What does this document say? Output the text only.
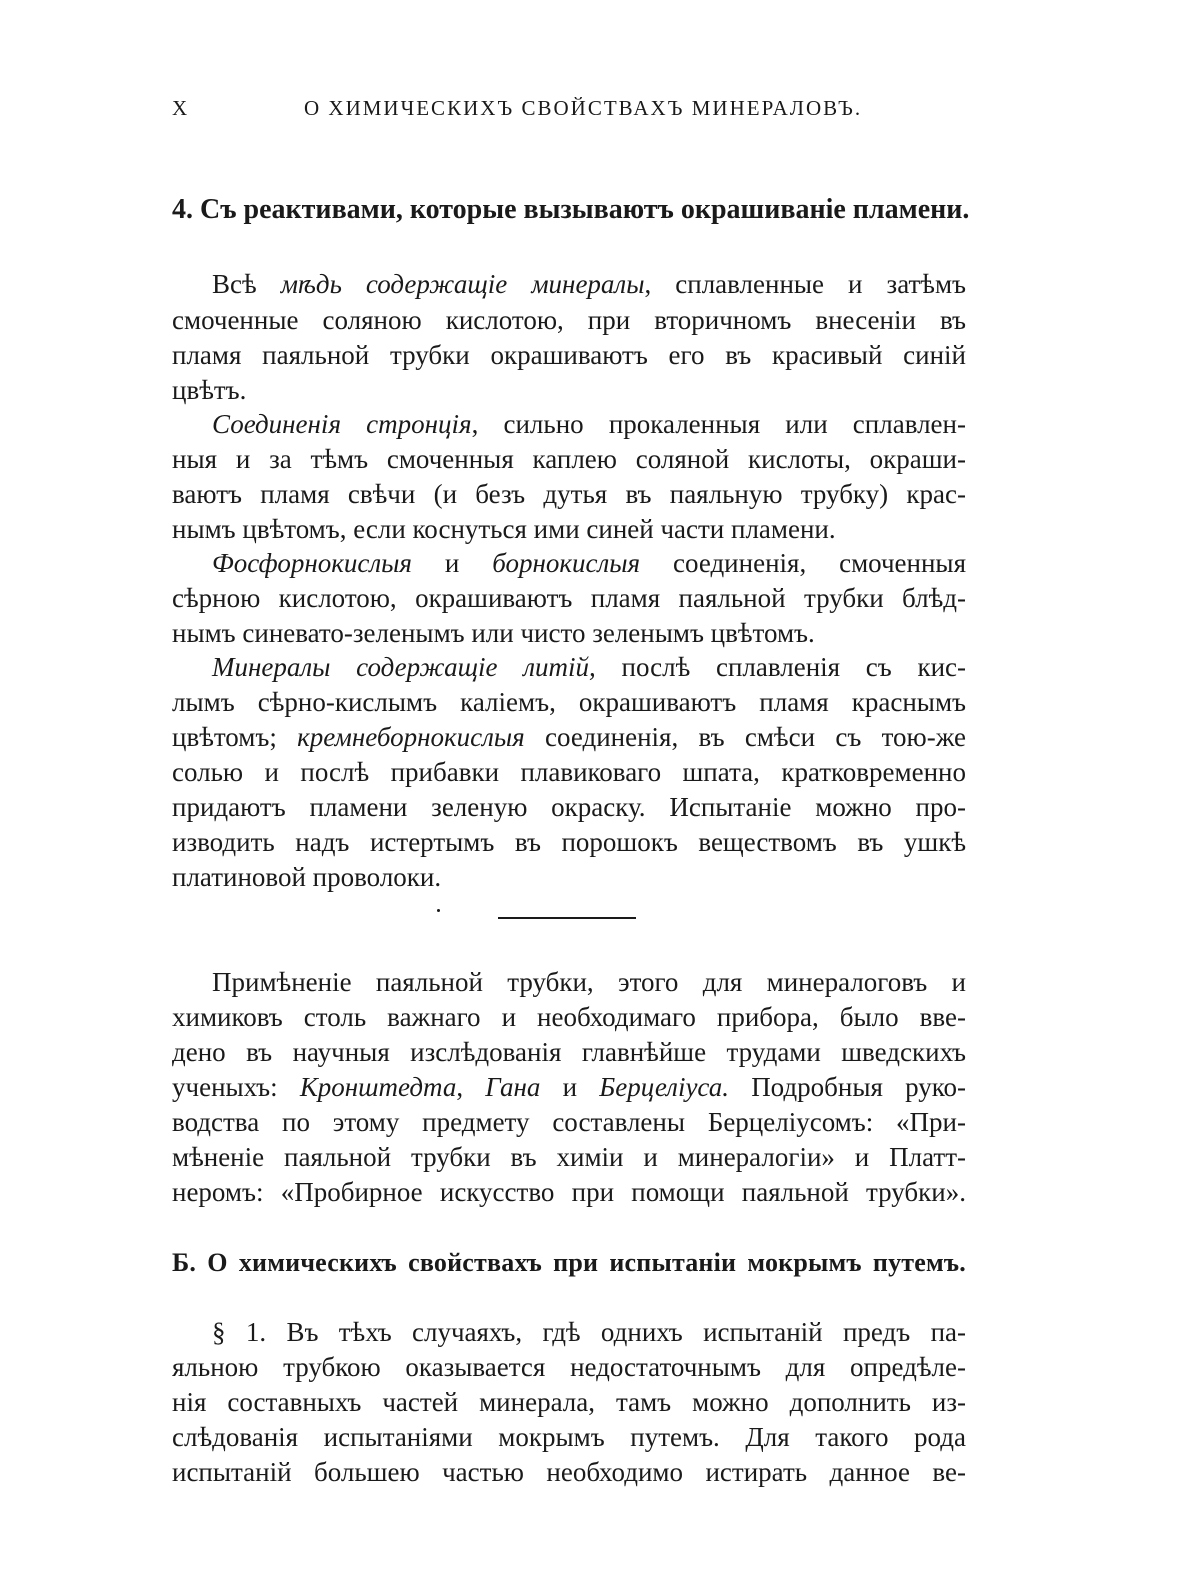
X	О ХИМИЧЕСКИХЪ СВОЙСТВАХЪ МИНЕРАЛОВЪ.
4. Съ реактивами, которые вызываютъ окрашиванiе пламени.
Всѣ мѣдь содержащiе минералы, сплавленные и затѣмъ
смоченные соляною кислотою, при вторичномъ внесенiи въ
пламя паяльной трубки окрашиваютъ его въ красивый синiй
цвѣтъ.
Соединенiя стронцiя, сильно прокаленныя или сплавлен-
ныя и за тѣмъ смоченныя каплею соляной кислоты, окраши-
ваютъ пламя свѣчи (и безъ дутья въ паяльную трубку) крас-
нымъ цвѣтомъ, если коснуться ими синей части пламени.
Фосфорнокислыя и борнокислыя соединенiя, смоченныя
сѣрною кислотою, окрашиваютъ пламя паяльной трубки блѣд-
нымъ синевато-зеленымъ или чисто зеленымъ цвѣтомъ.
Минералы содержащiе литiй, послѣ сплавленiя съ кис-
лымъ сѣрно-кислымъ калiемъ, окрашиваютъ пламя краснымъ
цвѣтомъ; кремнеборнокислыя соединенiя, въ смѣси съ тою-же
солью и послѣ прибавки плавиковаго шпата, кратковременно
придаютъ пламени зеленую окраску. Испытанiе можно про-
изводить надъ истертымъ въ порошокъ веществомъ въ ушкѣ
платиновой проволоки.
Примѣненiе паяльной трубки, этого для минералоговъ и
химиковъ столь важнаго и необходимаго прибора, было вве-
дено въ научныя изслѣдованiя главнѣйше трудами шведскихъ
ученыхъ: Кронштедта, Гана и Берцелiуса. Подробныя руко-
водства по этому предмету составлены Берцелiусомъ: «При-
мѣненiе паяльной трубки въ химiи и минералогiи» и Платт-
неромъ: «Пробирное искусство при помощи паяльной трубки».
Б. О химическихъ свойствахъ при испытанiи мокрымъ путемъ.
§ 1. Въ тѣхъ случаяхъ, гдѣ однихъ испытанiй предъ па-
яльною трубкою оказывается недостаточнымъ для опредѣле-
нiя составныхъ частей минерала, тамъ можно дополнить из-
слѣдованiя испытанiями мокрымъ путемъ. Для такого рода
испытанiй большею частью необходимо истирать данное ве-
